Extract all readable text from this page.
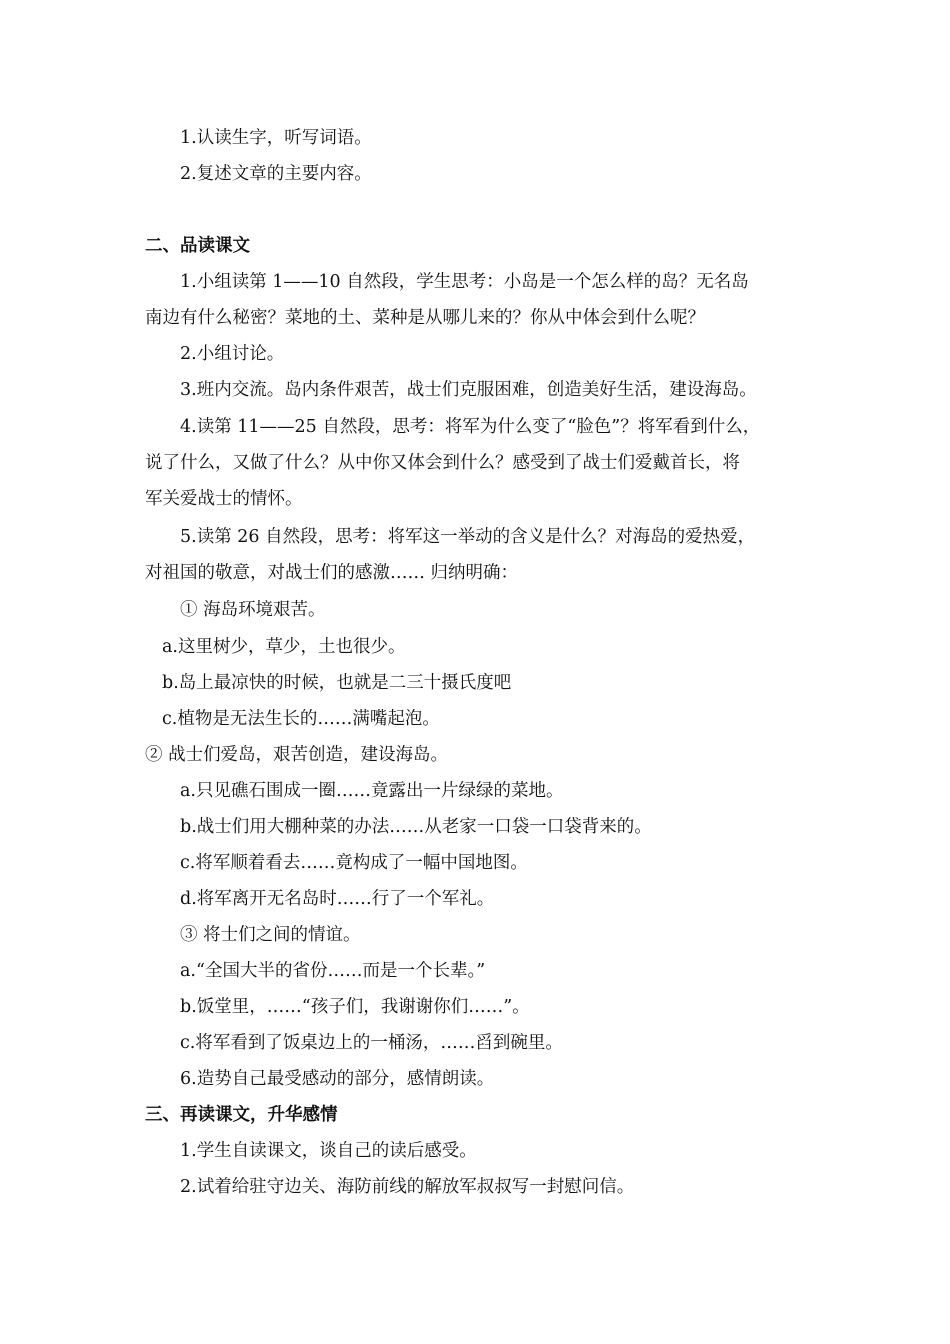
1.认读生字，听写词语。
2.复述文章的主要内容。
二、品读课文
1.小组读第 1——10 自然段，学生思考：小岛是一个怎么样的岛？无名岛
南边有什么秘密？菜地的土、菜种是从哪儿来的？你从中体会到什么呢？
2.小组讨论。
3.班内交流。岛内条件艰苦，战士们克服困难，创造美好生活，建设海岛。
4.读第 11——25 自然段，思考：将军为什么变了“脸色”？将军看到什么，
说了什么，又做了什么？从中你又体会到什么？感受到了战士们爱戴首长，将
军关爱战士的情怀。
5.读第 26 自然段，思考：将军这一举动的含义是什么？对海岛的爱热爱，
对祖国的敬意，对战士们的感激…… 归纳明确：
① 海岛环境艰苦。
a.这里树少，草少，土也很少。
b.岛上最凉快的时候，也就是二三十摄氏度吧
c.植物是无法生长的……满嘴起泡。
② 战士们爱岛，艰苦创造，建设海岛。
a.只见礁石围成一圈……竟露出一片绿绿的菜地。
b.战士们用大棚种菜的办法……从老家一口袋一口袋背来的。
c.将军顺着看去……竟构成了一幅中国地图。
d.将军离开无名岛时……行了一个军礼。
③ 将士们之间的情谊。
a.“全国大半的省份……而是一个长辈。”
b.饭堂里，……“孩子们，我谢谢你们……”。
c.将军看到了饭桌边上的一桶汤，……舀到碗里。
6.造势自己最受感动的部分，感情朗读。
三、再读课文，升华感情
1.学生自读课文，谈自己的读后感受。
2.试着给驻守边关、海防前线的解放军叔叔写一封慰问信。
